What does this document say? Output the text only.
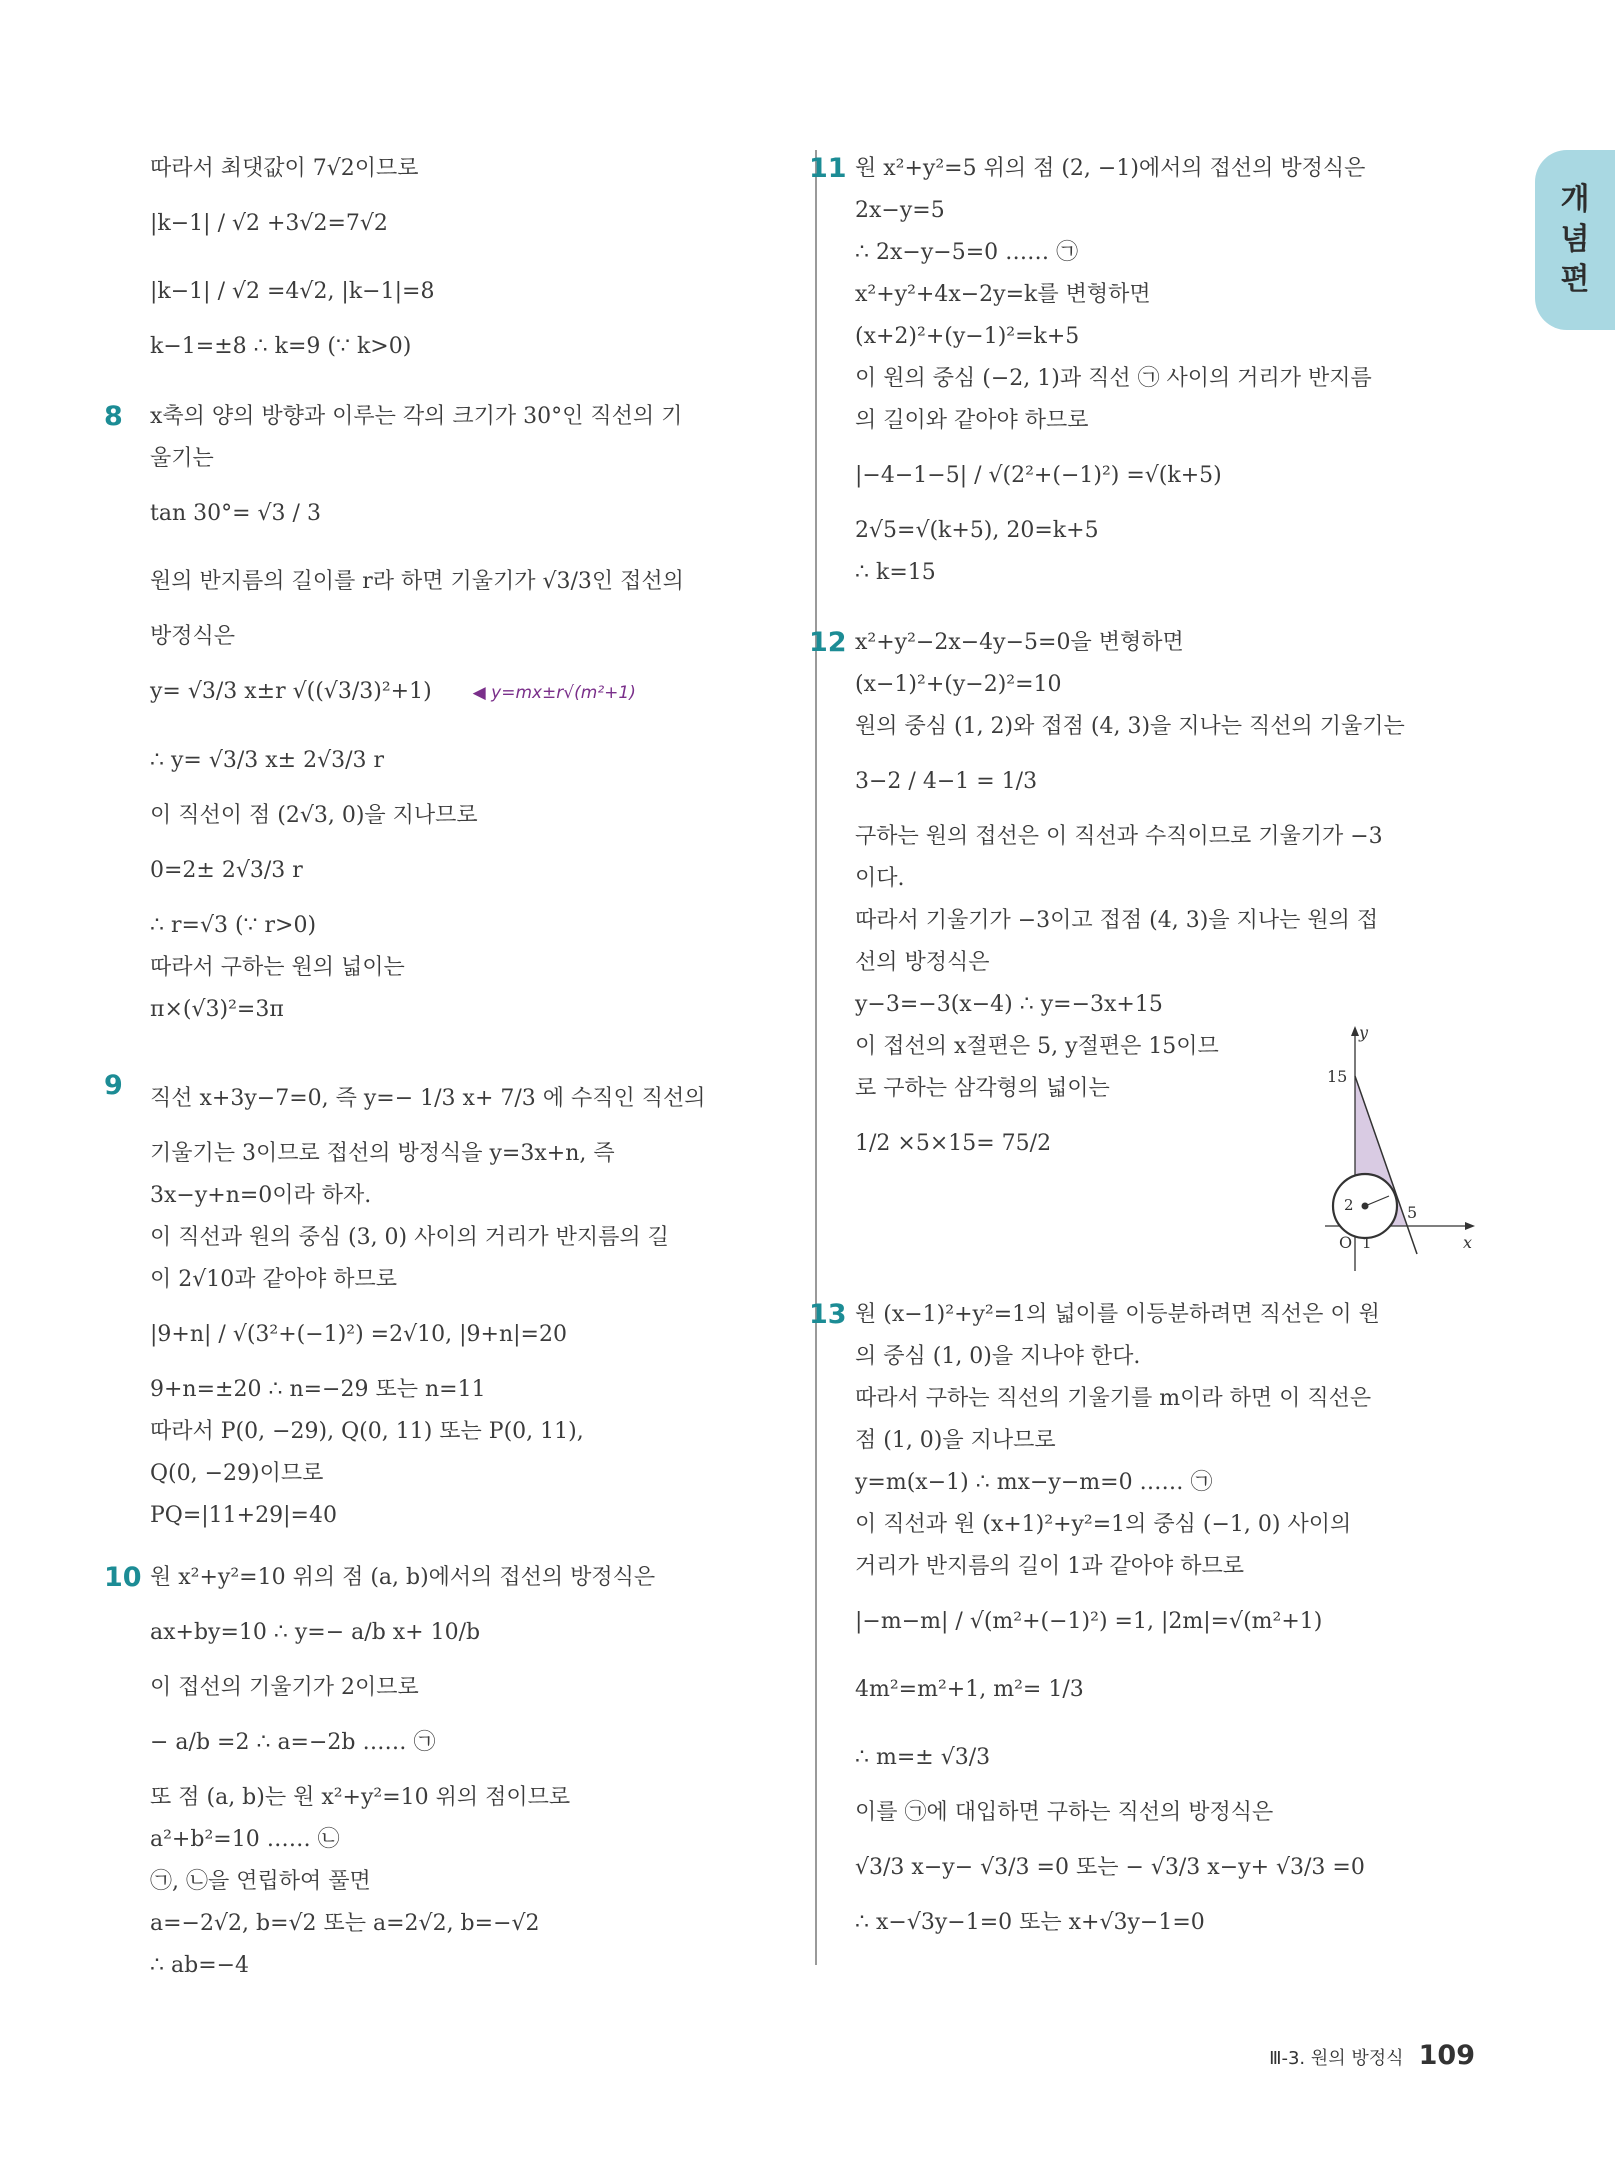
개
념
편
따라서 최댓값이 7√2이므로
|k−1| / √2 +3√2=7√2
|k−1| / √2 =4√2, |k−1|=8
k−1=±8 ∴ k=9 (∵ k>0)
8 x축의 양의 방향과 이루는 각의 크기가 30°인 직선의 기
울기는
tan 30°= √3 / 3
원의 반지름의 길이를 r라 하면 기울기가 √3/3인 접선의
방정식은
y= √3/3 x±r √((√3/3)²+1) ◀ y=mx±r√(m²+1)
∴ y= √3/3 x± 2√3/3 r
이 직선이 점 (2√3, 0)을 지나므로
0=2± 2√3/3 r
∴ r=√3 (∵ r>0)
따라서 구하는 원의 넓이는
π×(√3)²=3π
9 직선 x+3y−7=0, 즉 y=− 1/3 x+ 7/3 에 수직인 직선의
기울기는 3이므로 접선의 방정식을 y=3x+n, 즉
3x−y+n=0이라 하자.
이 직선과 원의 중심 (3, 0) 사이의 거리가 반지름의 길
이 2√10과 같아야 하므로
|9+n| / √(3²+(−1)²) =2√10, |9+n|=20
9+n=±20 ∴ n=−29 또는 n=11
따라서 P(0, −29), Q(0, 11) 또는 P(0, 11),
Q(0, −29)이므로
PQ=|11+29|=40
10 원 x²+y²=10 위의 점 (a, b)에서의 접선의 방정식은
ax+by=10 ∴ y=− a/b x+ 10/b
이 접선의 기울기가 2이므로
− a/b =2 ∴ a=−2b …… ㉠
또 점 (a, b)는 원 x²+y²=10 위의 점이므로
a²+b²=10 …… ㉡
㉠, ㉡을 연립하여 풀면
a=−2√2, b=√2 또는 a=2√2, b=−√2
∴ ab=−4
11 원 x²+y²=5 위의 점 (2, −1)에서의 접선의 방정식은
2x−y=5
∴ 2x−y−5=0 …… ㉠
x²+y²+4x−2y=k를 변형하면
(x+2)²+(y−1)²=k+5
이 원의 중심 (−2, 1)과 직선 ㉠ 사이의 거리가 반지름
의 길이와 같아야 하므로
|−4−1−5| / √(2²+(−1)²) =√(k+5)
2√5=√(k+5), 20=k+5
∴ k=15
12 x²+y²−2x−4y−5=0을 변형하면
(x−1)²+(y−2)²=10
원의 중심 (1, 2)와 접점 (4, 3)을 지나는 직선의 기울기는
3−2 / 4−1 = 1/3
구하는 원의 접선은 이 직선과 수직이므로 기울기가 −3
이다.
따라서 기울기가 −3이고 접점 (4, 3)을 지나는 원의 접
선의 방정식은
y−3=−3(x−4) ∴ y=−3x+15
이 접선의 x절편은 5, y절편은 15이므
로 구하는 삼각형의 넓이는
1/2 ×5×15= 75/2
y
x
15
5
O
2
1
13 원 (x−1)²+y²=1의 넓이를 이등분하려면 직선은 이 원
의 중심 (1, 0)을 지나야 한다.
따라서 구하는 직선의 기울기를 m이라 하면 이 직선은
점 (1, 0)을 지나므로
y=m(x−1) ∴ mx−y−m=0 …… ㉠
이 직선과 원 (x+1)²+y²=1의 중심 (−1, 0) 사이의
거리가 반지름의 길이 1과 같아야 하므로
|−m−m| / √(m²+(−1)²) =1, |2m|=√(m²+1)
4m²=m²+1, m²= 1/3
∴ m=± √3/3
이를 ㉠에 대입하면 구하는 직선의 방정식은
√3/3 x−y− √3/3 =0 또는 − √3/3 x−y+ √3/3 =0
∴ x−√3y−1=0 또는 x+√3y−1=0
Ⅲ-3. 원의 방정식 109
